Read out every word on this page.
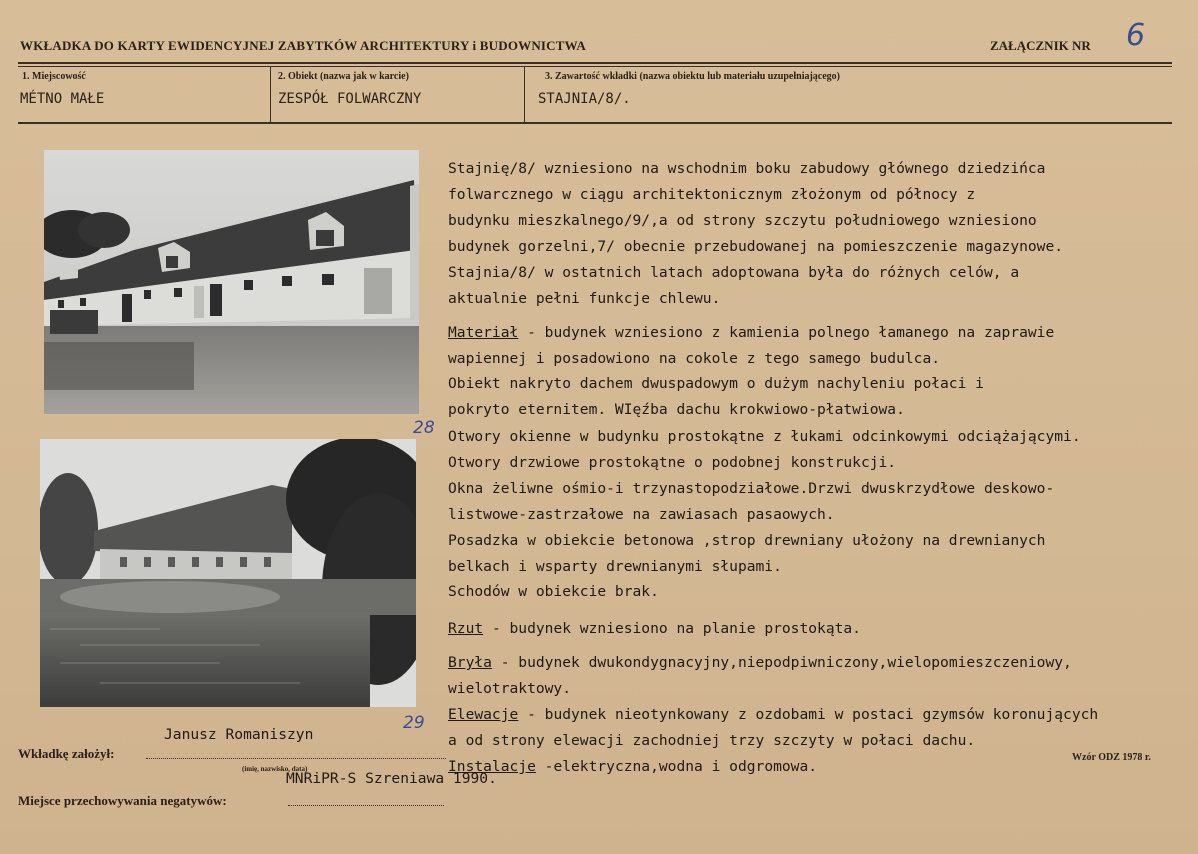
WKŁADKA DO KARTY EWIDENCYJNEJ ZABYTKÓW ARCHITEKTURY i BUDOWNICTWA	ZAŁĄCZNIK NR 6
1. Miejscowość
MÉTNO MAŁE
2. Obiekt (nazwa jak w karcie)
ZESPÓŁ FOLWARCZNY
3. Zawartość wkładki (nazwa obiektu lub materiału uzupełniającego)
STAJNIA/8/.
28
29
Stajnię/8/ wzniesiono na wschodnim boku zabudowy głównego dziedzińca
folwarcznego w ciągu architektonicznym złożonym od północy z
budynku mieszkalnego/9/,a od strony szczytu południowego wzniesiono
budynek gorzelni,7/ obecnie przebudowanej na pomieszczenie magazynowe.
Stajnia/8/ w ostatnich latach adoptowana była do różnych celów, a
aktualnie pełni funkcje chlewu.
Materiał - budynek wzniesiono z kamienia polnego łamanego na zaprawie
wapiennej i posadowiono na cokole z tego samego budulca.
Obiekt nakryto dachem dwuspadowym o dużym nachyleniu połaci i
pokryto eternitem. WIęźba dachu krokwiowo-płatwiowa.
Otwory okienne w budynku prostokątne z łukami odcinkowymi odciążającymi.
Otwory drzwiowe prostokątne o podobnej konstrukcji.
Okna żeliwne ośmio-i trzynastopodziałowe.Drzwi dwuskrzydłowe deskowo-
listwowe-zastrzałowe na zawiasach pasaowych.
Posadzka w obiekcie betonowa ,strop drewniany ułożony na drewnianych
belkach i wsparty drewnianymi słupami.
Schodów w obiekcie brak.
Rzut - budynek wzniesiono na planie prostokąta.
Bryła - budynek dwukondygnacyjny,niepodpiwniczony,wielopomieszczeniowy,
wielotraktowy.
Elewacje - budynek nieotynkowany z ozdobami w postaci gzymsów koronujących
a od strony elewacji zachodniej trzy szczyty w połaci dachu.
Instalacje -elektryczna,wodna i odgromowa.
Janusz Romaniszyn
Wkładkę założył:
(imię, nazwisko, data)
MNRiPR-S Szreniawa 1990.
Wzór ODZ 1978 r.
Miejsce przechowywania negatywów:
